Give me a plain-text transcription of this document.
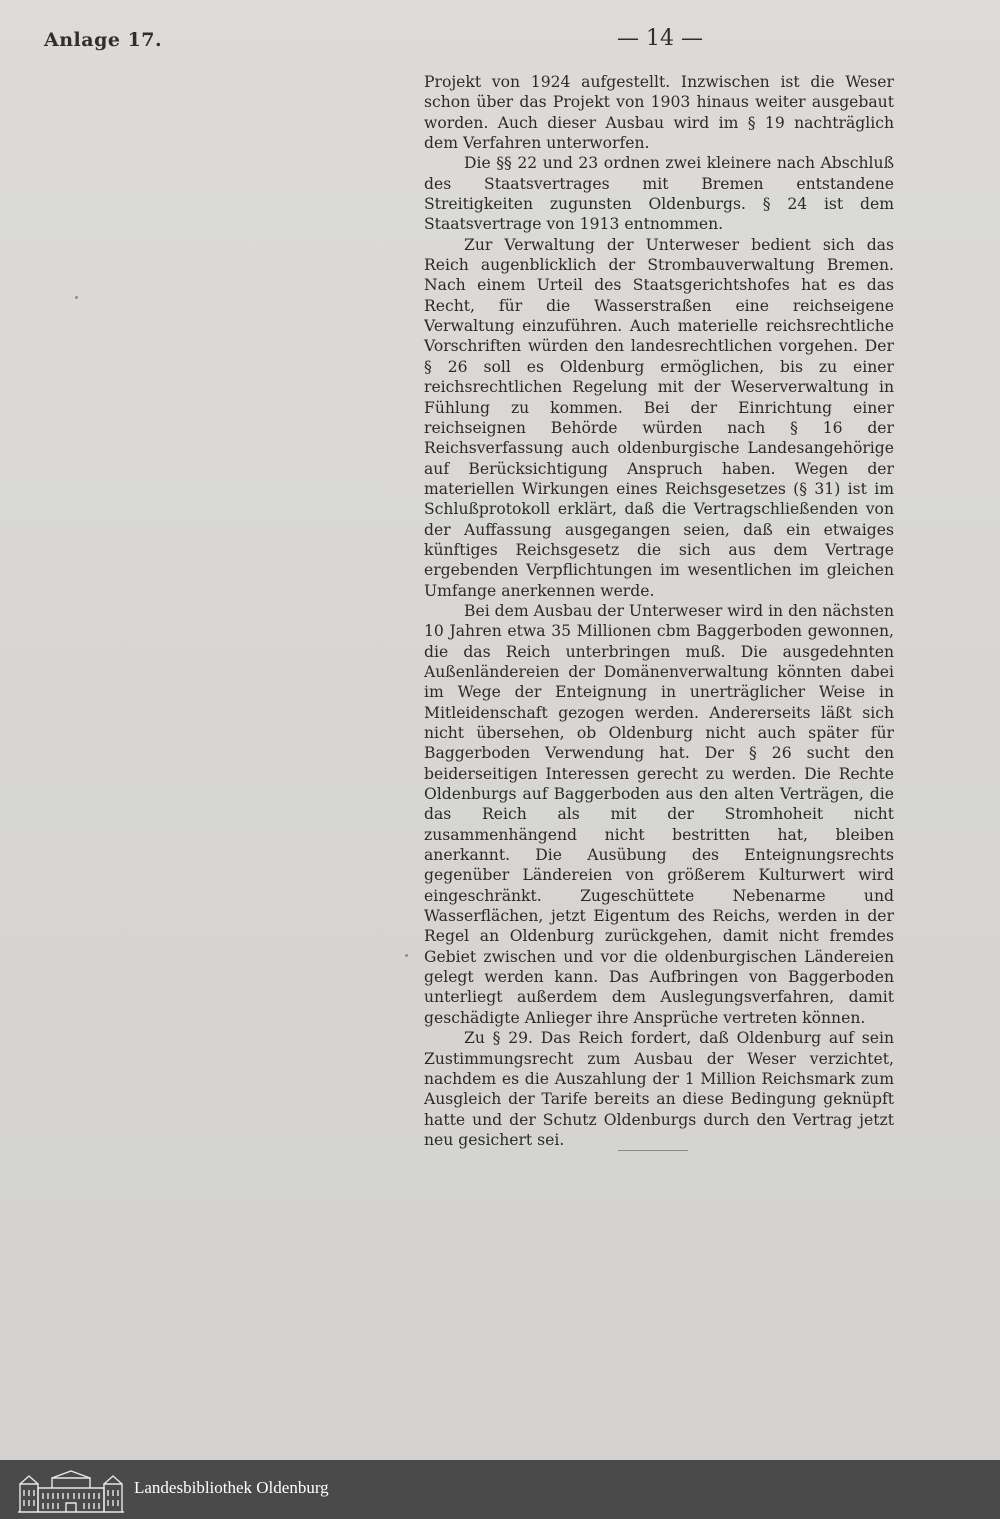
Anlage 17.	— 14 —

Projekt von 1924 aufgestellt. Inzwischen ist die Weser schon über das Projekt von 1903 hinaus weiter ausgebaut worden. Auch dieser Ausbau wird im § 19 nachträglich dem Verfahren unterworfen.

Die §§ 22 und 23 ordnen zwei kleinere nach Abschluß des Staatsvertrages mit Bremen entstandene Streitigkeiten zugunsten Oldenburgs. § 24 ist dem Staatsvertrage von 1913 entnommen.

Zur Verwaltung der Unterweser bedient sich das Reich augenblicklich der Strombauverwaltung Bremen. Nach einem Urteil des Staatsgerichtshofes hat es das Recht, für die Wasserstraßen eine reichseigene Verwaltung einzuführen. Auch materielle reichsrechtliche Vorschriften würden den landesrechtlichen vorgehen. Der § 26 soll es Oldenburg ermöglichen, bis zu einer reichsrechtlichen Regelung mit der Weserverwaltung in Fühlung zu kommen. Bei der Einrichtung einer reichseignen Behörde würden nach § 16 der Reichsverfassung auch oldenburgische Landesangehörige auf Berücksichtigung Anspruch haben. Wegen der materiellen Wirkungen eines Reichsgesetzes (§ 31) ist im Schlußprotokoll erklärt, daß die Vertragschließenden von der Auffassung ausgegangen seien, daß ein etwaiges künftiges Reichsgesetz die sich aus dem Vertrage ergebenden Verpflichtungen im wesentlichen im gleichen Umfange anerkennen werde.

Bei dem Ausbau der Unterweser wird in den nächsten 10 Jahren etwa 35 Millionen cbm Baggerboden gewonnen, die das Reich unterbringen muß. Die ausgedehnten Außenländereien der Domänenverwaltung könnten dabei im Wege der Enteignung in unerträglicher Weise in Mitleidenschaft gezogen werden. Andererseits läßt sich nicht übersehen, ob Oldenburg nicht auch später für Baggerboden Verwendung hat. Der § 26 sucht den beiderseitigen Interessen gerecht zu werden. Die Rechte Oldenburgs auf Baggerboden aus den alten Verträgen, die das Reich als mit der Stromhoheit nicht zusammenhängend nicht bestritten hat, bleiben anerkannt. Die Ausübung des Enteignungsrechts gegenüber Ländereien von größerem Kulturwert wird eingeschränkt. Zugeschüttete Nebenarme und Wasserflächen, jetzt Eigentum des Reichs, werden in der Regel an Oldenburg zurückgehen, damit nicht fremdes Gebiet zwischen und vor die oldenburgischen Ländereien gelegt werden kann. Das Aufbringen von Baggerboden unterliegt außerdem dem Auslegungsverfahren, damit geschädigte Anlieger ihre Ansprüche vertreten können.

Zu § 29. Das Reich fordert, daß Oldenburg auf sein Zustimmungsrecht zum Ausbau der Weser verzichtet, nachdem es die Auszahlung der 1 Million Reichsmark zum Ausgleich der Tarife bereits an diese Bedingung geknüpft hatte und der Schutz Oldenburgs durch den Vertrag jetzt neu gesichert sei.

Landesbibliothek Oldenburg
